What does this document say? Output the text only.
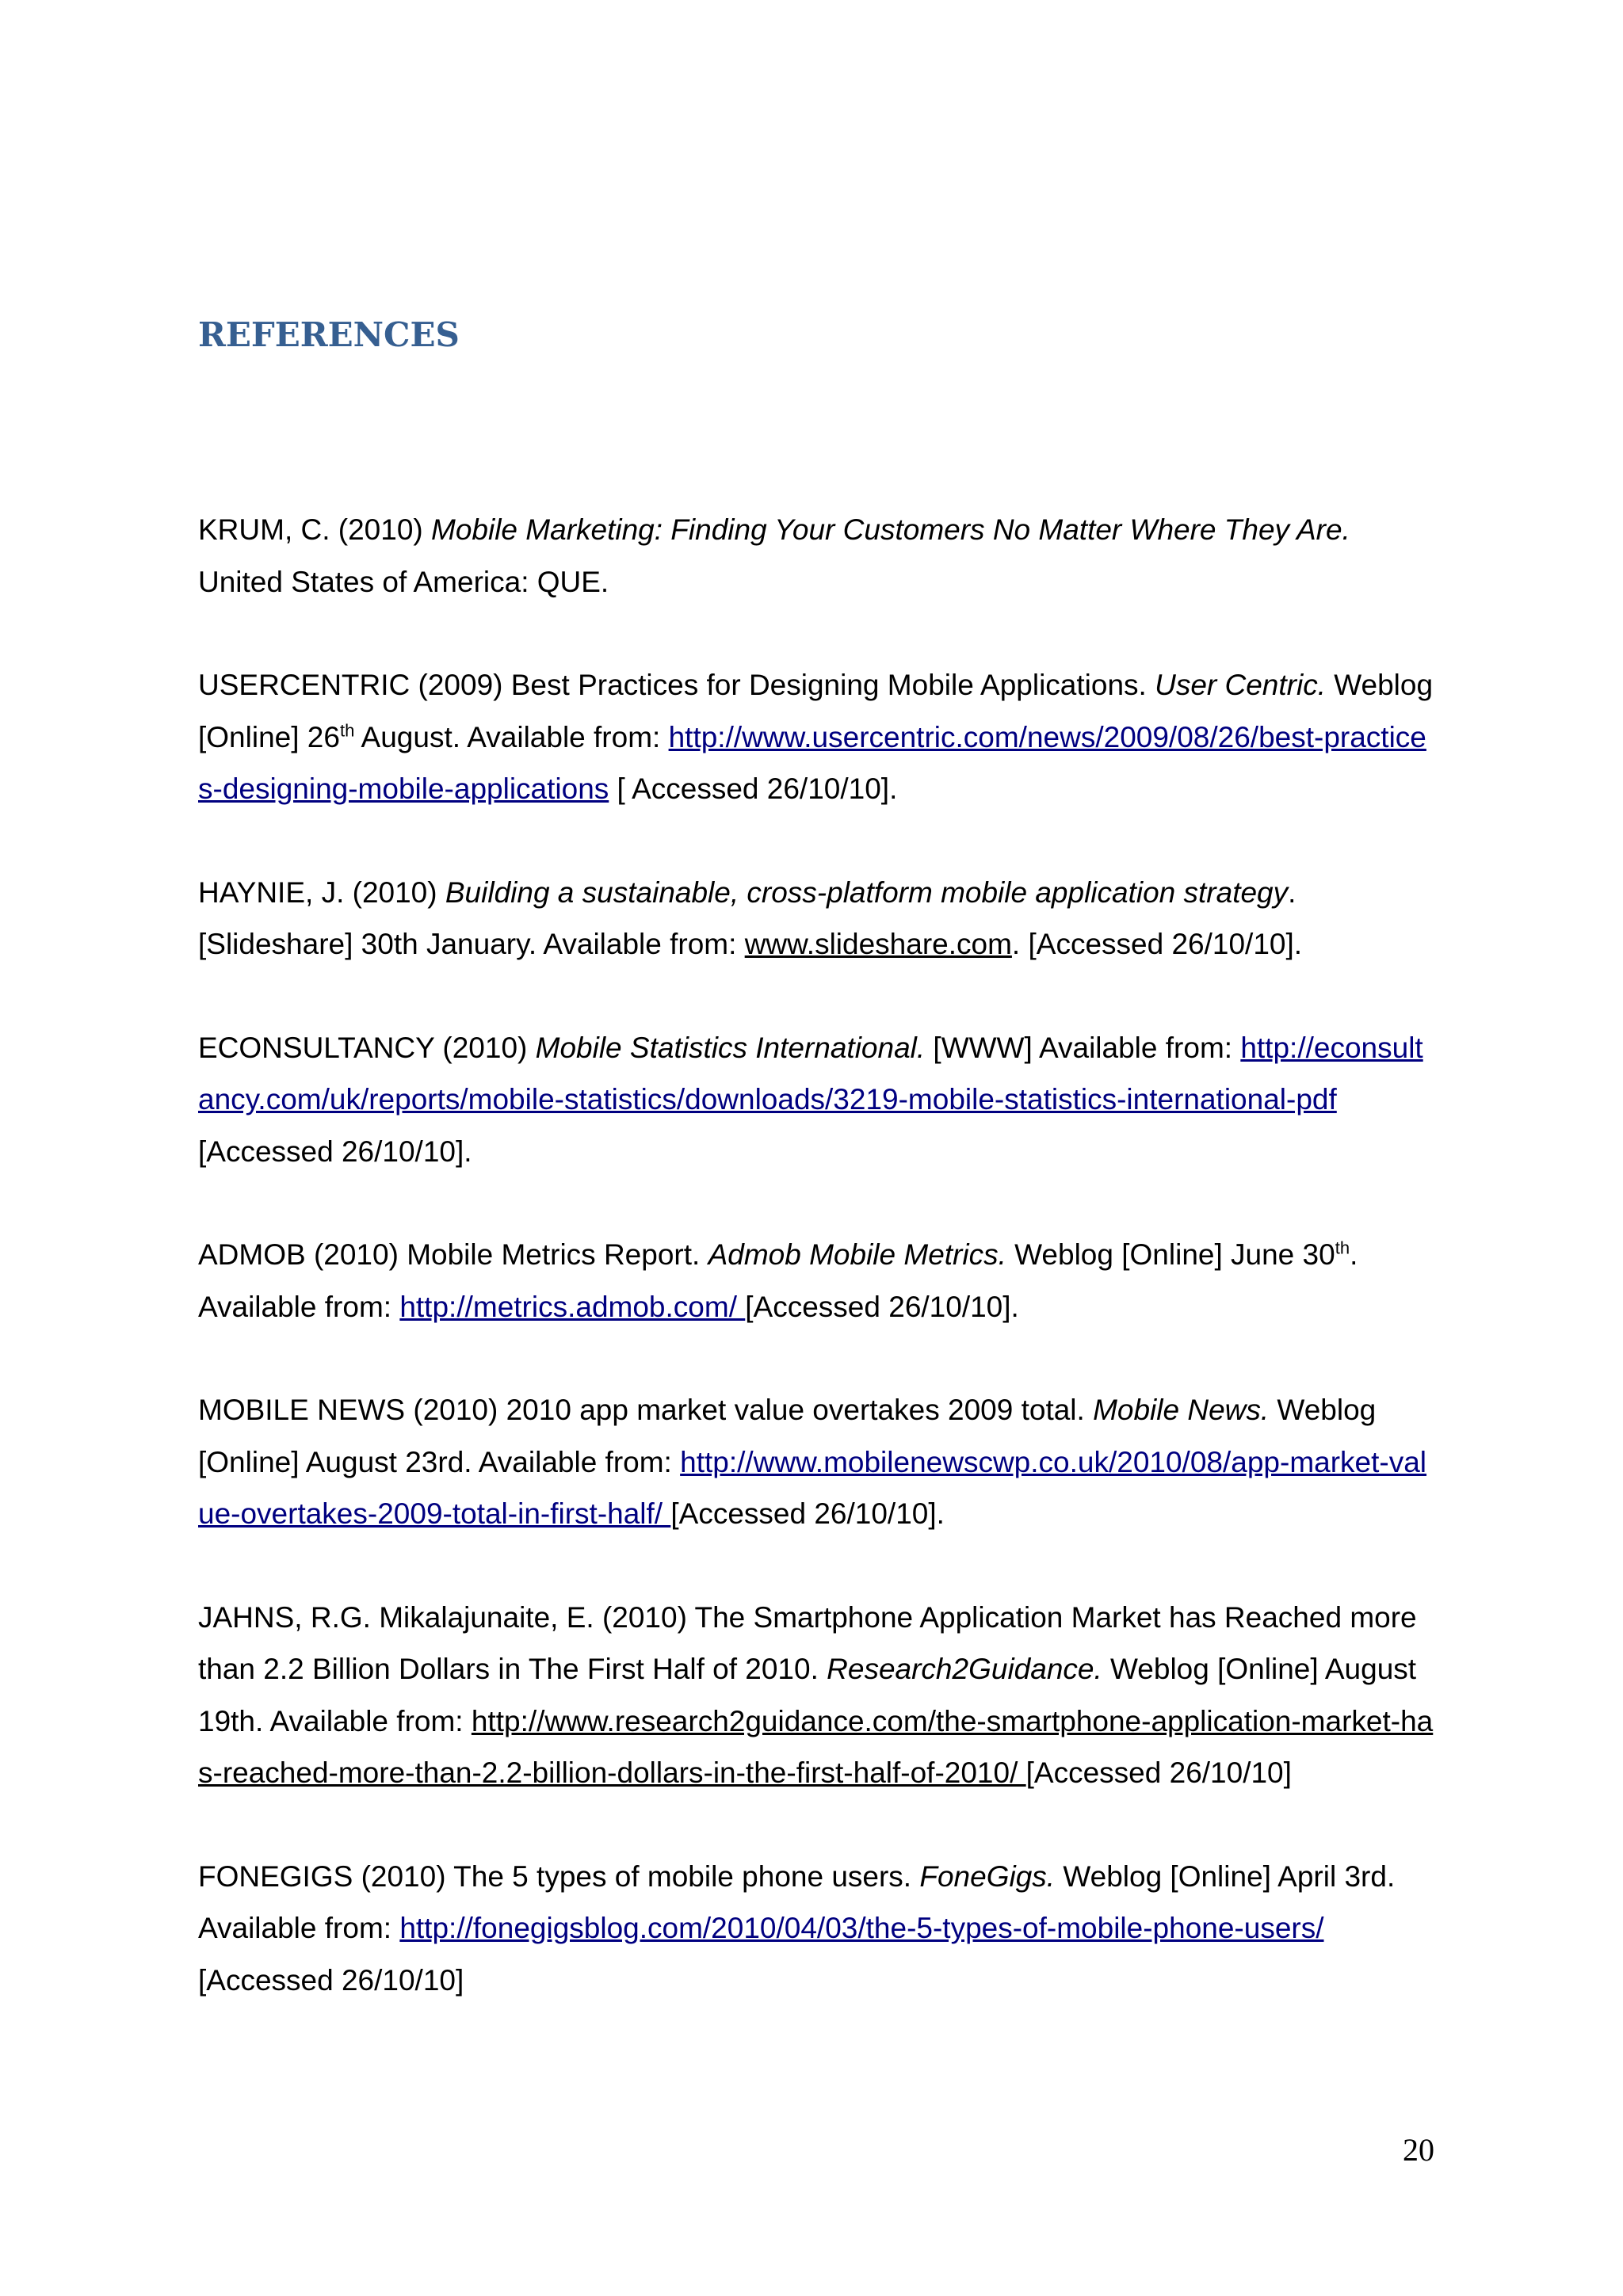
REFERENCES

KRUM, C. (2010) Mobile Marketing: Finding Your Customers No Matter Where They Are. United States of America: QUE.

USERCENTRIC (2009) Best Practices for Designing Mobile Applications. User Centric. Weblog [Online] 26th August. Available from: http://www.usercentric.com/news/2009/08/26/best-practices-designing-mobile-applications [ Accessed 26/10/10].

HAYNIE, J. (2010) Building a sustainable, cross-platform mobile application strategy. [Slideshare] 30th January. Available from: www.slideshare.com. [Accessed 26/10/10].

ECONSULTANCY (2010) Mobile Statistics International. [WWW] Available from: http://econsultancy.com/uk/reports/mobile-statistics/downloads/3219-mobile-statistics-international-pdf [Accessed 26/10/10].

ADMOB (2010) Mobile Metrics Report. Admob Mobile Metrics. Weblog [Online] June 30th. Available from: http://metrics.admob.com/ [Accessed 26/10/10].

MOBILE NEWS (2010) 2010 app market value overtakes 2009 total. Mobile News. Weblog [Online] August 23rd. Available from: http://www.mobilenewscwp.co.uk/2010/08/app-market-value-overtakes-2009-total-in-first-half/ [Accessed 26/10/10].

JAHNS, R.G. Mikalajunaite, E. (2010) The Smartphone Application Market has Reached more than 2.2 Billion Dollars in The First Half of 2010. Research2Guidance. Weblog [Online] August 19th. Available from: http://www.research2guidance.com/the-smartphone-application-market-has-reached-more-than-2.2-billion-dollars-in-the-first-half-of-2010/ [Accessed 26/10/10]

FONEGIGS (2010) The 5 types of mobile phone users. FoneGigs. Weblog [Online] April 3rd. Available from: http://fonegigsblog.com/2010/04/03/the-5-types-of-mobile-phone-users/ [Accessed 26/10/10]

20
